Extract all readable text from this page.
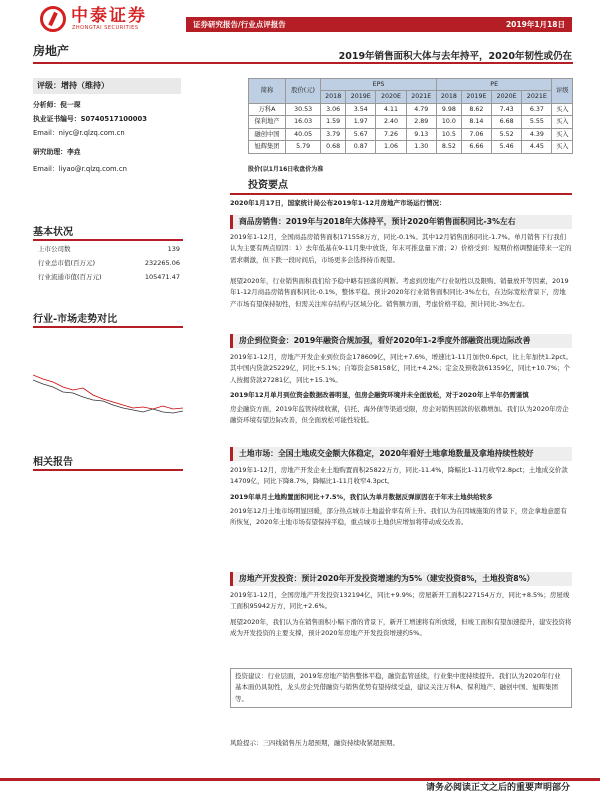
中泰证券
ZHONGTAI SECURITIES	证券研究报告/行业点评报告	2019年1月18日
房地产	2019年销售面积大体与去年持平，2020年韧性或仍在
评级：增持（维持）
分析师：倪一琛
执业证书编号：S0740517100003
Email：niyc@r.qlzq.com.cn
研究助理：李垚
Email：liyao@r.qlzq.com.cn
基本状况
上市公司数	139
行业总市值(百万元)	232265.06
行业流通市值(百万元)	105471.47
行业-市场走势对比
相关报告
简称	股价(元)	EPS				PE				评级
		2018	2019E	2020E	2021E	2018	2019E	2020E	2021E	
万科A	30.53	3.06	3.54	4.11	4.79	9.98	8.62	7.43	6.37	买入
保利地产	16.03	1.59	1.97	2.40	2.89	10.0	8.14	6.68	5.55	买入
融创中国	40.05	3.79	5.67	7.26	9.13	10.5	7.06	5.52	4.39	买入
旭辉集团	5.79	0.68	0.87	1.06	1.30	8.52	6.66	5.46	4.45	买入
股价(以1月16日收盘价为准
投资要点
2020年1月17日，国家统计局公布2019年1-12月房地产市场运行情况：
商品房销售：2019年与2018年大体持平，预计2020年销售面积同比-3%左右
2019年1-12月，全国商品房销售面积171558万方，同比-0.1%。其中12月销售面积同比-1.7%。单月销售下行我们认为主要有两点原因：1）去年低基在9-11月集中放货，年末可推盘量下滑；2）价格受到：短期价格调整能带来一定的需求刺激，但下跌一段时间后，市场更多会选择持币观望。
展望2020年，行业销售面积我们给予稳中略有回落的判断。考虑到房地产行业韧性以及限购、销量放开等因素，2019年1-12月商品房销售面积同比-0.1%，整体平稳。预计2020年行业销售面积同比-3%左右，在边际宽松背景下，房地产市场有望保持韧性，但需关注库存结构与区域分化。销售额方面，考虑价格平稳，预计同比-3%左右。
房企到位资金：2019年融资合规加强，看好2020年1-2季度外部融资出现边际改善
2019年1-12月，房地产开发企业到位资金178609亿，同比+7.6%，增速比1-11月加快0.6pct，比上年加快1.2pct。其中国内贷款25229亿，同比+5.1%；自筹资金58158亿，同比+4.2%；定金及预收款61359亿，同比+10.7%；个人按揭贷款27281亿，同比+15.1%。
2019年12月单月到位资金数据改善明显，但房企融资环境并未全面放松，对于2020年上半年仍需谨慎
房企融资方面，2019年监管持续收紧，信托、海外债等渠道受限，房企对销售回款的依赖增加。我们认为2020年房企融资环境有望边际改善，但全面放松可能性较低。
土地市场：全国土地成交金额大体稳定，2020年看好土地拿地数量及拿地持续性较好
2019年1-12月，房地产开发企业土地购置面积25822万方，同比-11.4%，降幅比1-11月收窄2.8pct；土地成交价款14709亿，同比下降8.7%，降幅比1-11月收窄4.3pct。
2019年单月土地购置面积同比+7.5%，我们认为单月数据反弹原因在于年末土地供给较多
2019年12月土地市场明显回暖，部分热点城市土地溢价率有所上升。我们认为在因城施策的背景下，房企拿地意愿有所恢复，2020年土地市场有望保持平稳，重点城市土地供应增加将带动成交改善。
房地产开发投资：预计2020年开发投资增速约为5%（建安投资8%，土地投资8%）
2019年1-12月，全国房地产开发投资132194亿，同比+9.9%；房屋新开工面积227154万方，同比+8.5%；房屋竣工面积95942万方，同比+2.6%。
展望2020年，我们认为在销售面积小幅下滑的背景下，新开工增速将有所放缓，但竣工面积有望加速提升，建安投资将成为开发投资的主要支撑，预计2020年房地产开发投资增速约5%。
投资建议：行业层面，2019年房地产销售整体平稳，融资监管延续，行业集中度持续提升。我们认为2020年行业基本面仍具韧性，龙头房企凭借融资与销售优势有望持续受益，建议关注万科A、保利地产、融创中国、旭辉集团等。
风险提示：三四线销售压力超预期，融资持续收紧超预期。
请务必阅读正文之后的重要声明部分
